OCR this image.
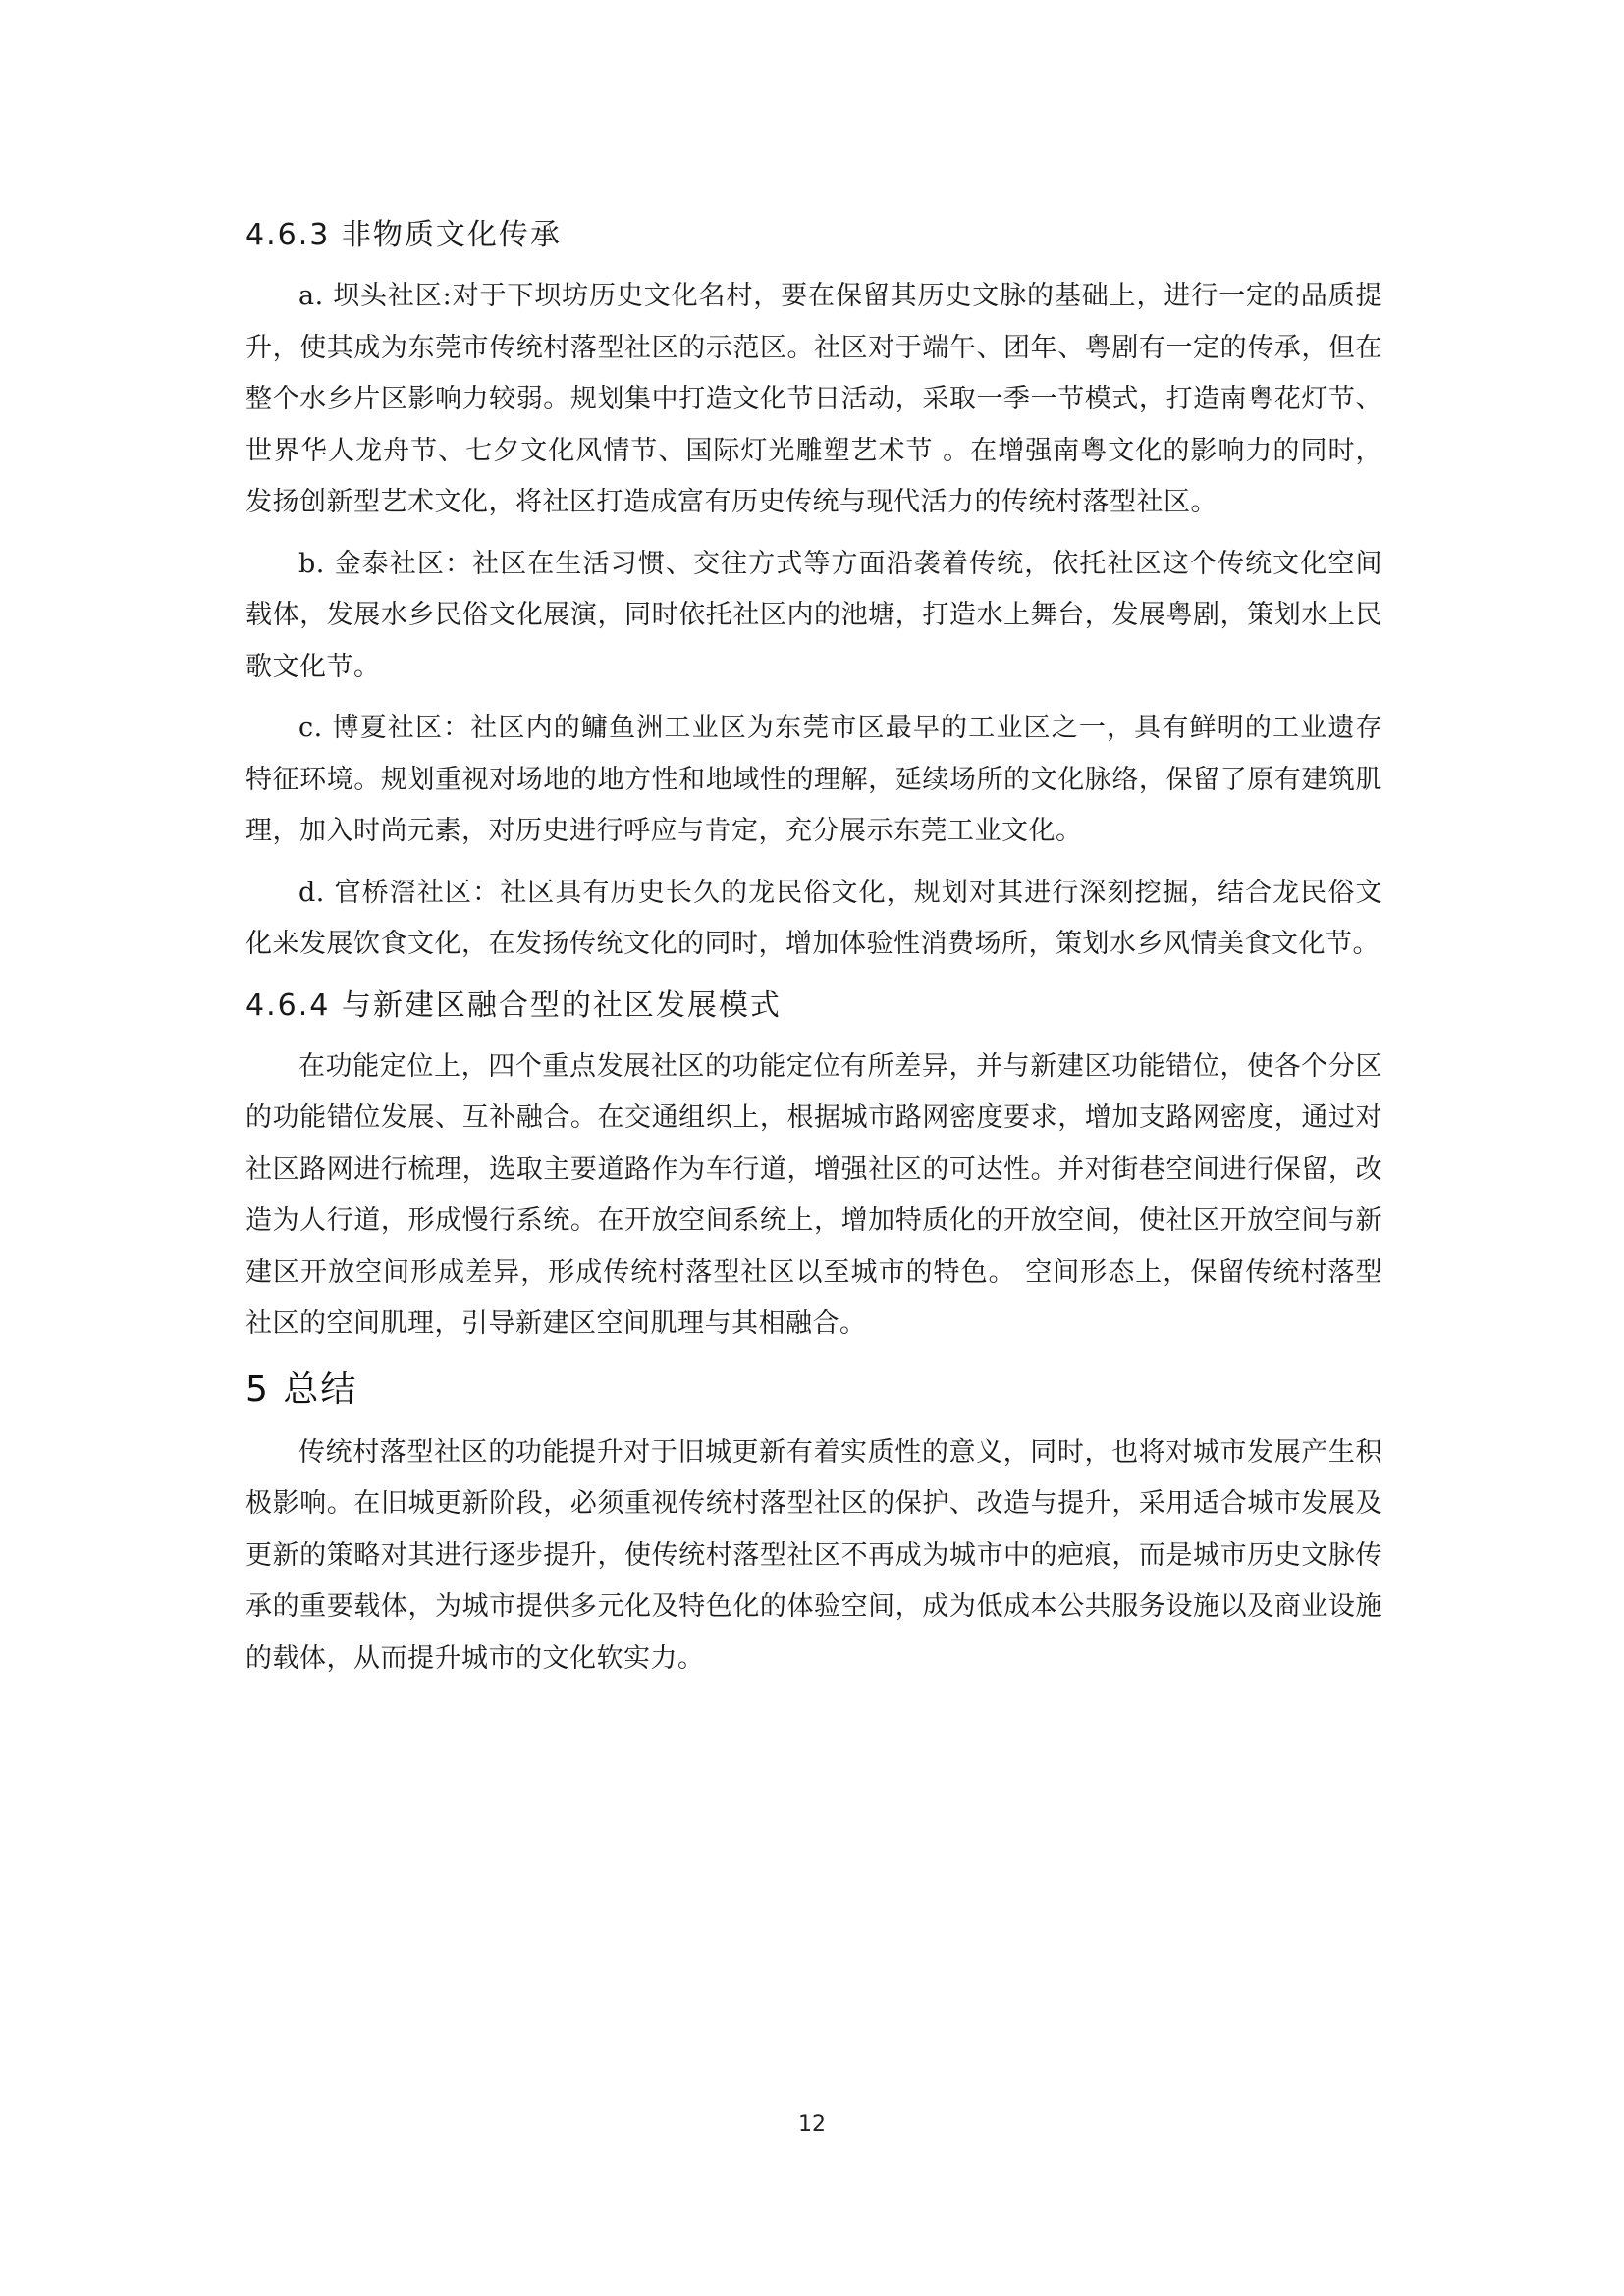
4.6.3 非物质文化传承

a. 坝头社区:对于下坝坊历史文化名村，要在保留其历史文脉的基础上，进行一定的品质提升，使其成为东莞市传统村落型社区的示范区。社区对于端午、团年、粤剧有一定的传承，但在整个水乡片区影响力较弱。规划集中打造文化节日活动，采取一季一节模式，打造南粤花灯节、世界华人龙舟节、七夕文化风情节、国际灯光雕塑艺术节 。在增强南粤文化的影响力的同时，发扬创新型艺术文化，将社区打造成富有历史传统与现代活力的传统村落型社区。

b. 金泰社区：社区在生活习惯、交往方式等方面沿袭着传统，依托社区这个传统文化空间载体，发展水乡民俗文化展演，同时依托社区内的池塘，打造水上舞台，发展粤剧，策划水上民歌文化节。

c. 博夏社区：社区内的鳙鱼洲工业区为东莞市区最早的工业区之一，具有鲜明的工业遗存特征环境。规划重视对场地的地方性和地域性的理解，延续场所的文化脉络，保留了原有建筑肌理，加入时尚元素，对历史进行呼应与肯定，充分展示东莞工业文化。

d. 官桥滘社区：社区具有历史长久的龙民俗文化，规划对其进行深刻挖掘，结合龙民俗文化来发展饮食文化，在发扬传统文化的同时，增加体验性消费场所，策划水乡风情美食文化节。

4.6.4 与新建区融合型的社区发展模式

在功能定位上，四个重点发展社区的功能定位有所差异，并与新建区功能错位，使各个分区的功能错位发展、互补融合。在交通组织上，根据城市路网密度要求，增加支路网密度，通过对社区路网进行梳理，选取主要道路作为车行道，增强社区的可达性。并对街巷空间进行保留，改造为人行道，形成慢行系统。在开放空间系统上，增加特质化的开放空间，使社区开放空间与新建区开放空间形成差异，形成传统村落型社区以至城市的特色。 空间形态上，保留传统村落型社区的空间肌理，引导新建区空间肌理与其相融合。

5 总结

传统村落型社区的功能提升对于旧城更新有着实质性的意义，同时，也将对城市发展产生积极影响。在旧城更新阶段，必须重视传统村落型社区的保护、改造与提升，采用适合城市发展及更新的策略对其进行逐步提升，使传统村落型社区不再成为城市中的疤痕，而是城市历史文脉传承的重要载体，为城市提供多元化及特色化的体验空间，成为低成本公共服务设施以及商业设施的载体，从而提升城市的文化软实力。

12
